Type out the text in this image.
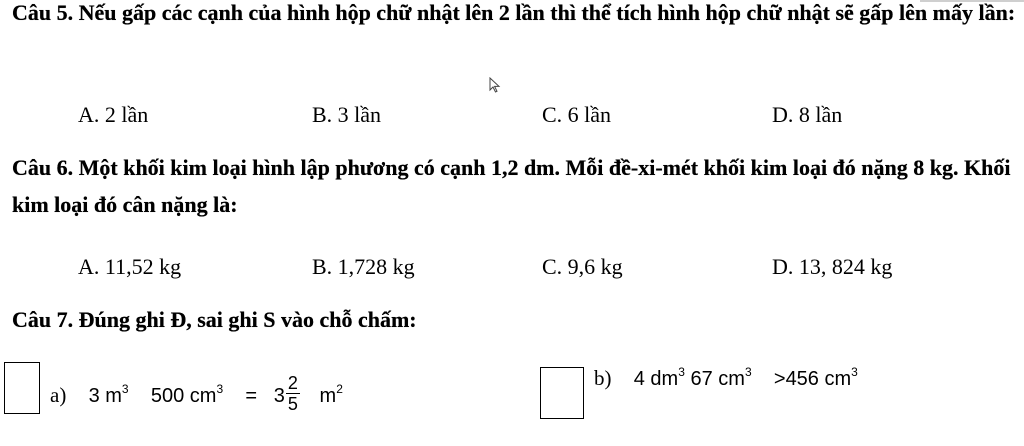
Câu 5. Nếu gấp các cạnh của hình hộp chữ nhật lên 2 lần thì thể tích hình hộp chữ nhật sẽ gấp lên mấy lần:
A. 2 lần	B. 3 lần	C. 6 lần	D. 8 lần
Câu 6. Một khối kim loại hình lập phương có cạnh 1,2 dm. Mỗi đề-xi-mét khối kim loại đó nặng 8 kg. Khối kim loại đó cân nặng là:
A. 11,52 kg	B. 1,728 kg	C. 9,6 kg	D. 13, 824 kg
Câu 7. Đúng ghi Đ, sai ghi S vào chỗ chấm:
a) 3 $m^3$ 500 $cm^3 = 3 \frac{2}{5} m^2$	b) 4 $dm^3$ 67 $cm^3 >456$ $cm^3$
